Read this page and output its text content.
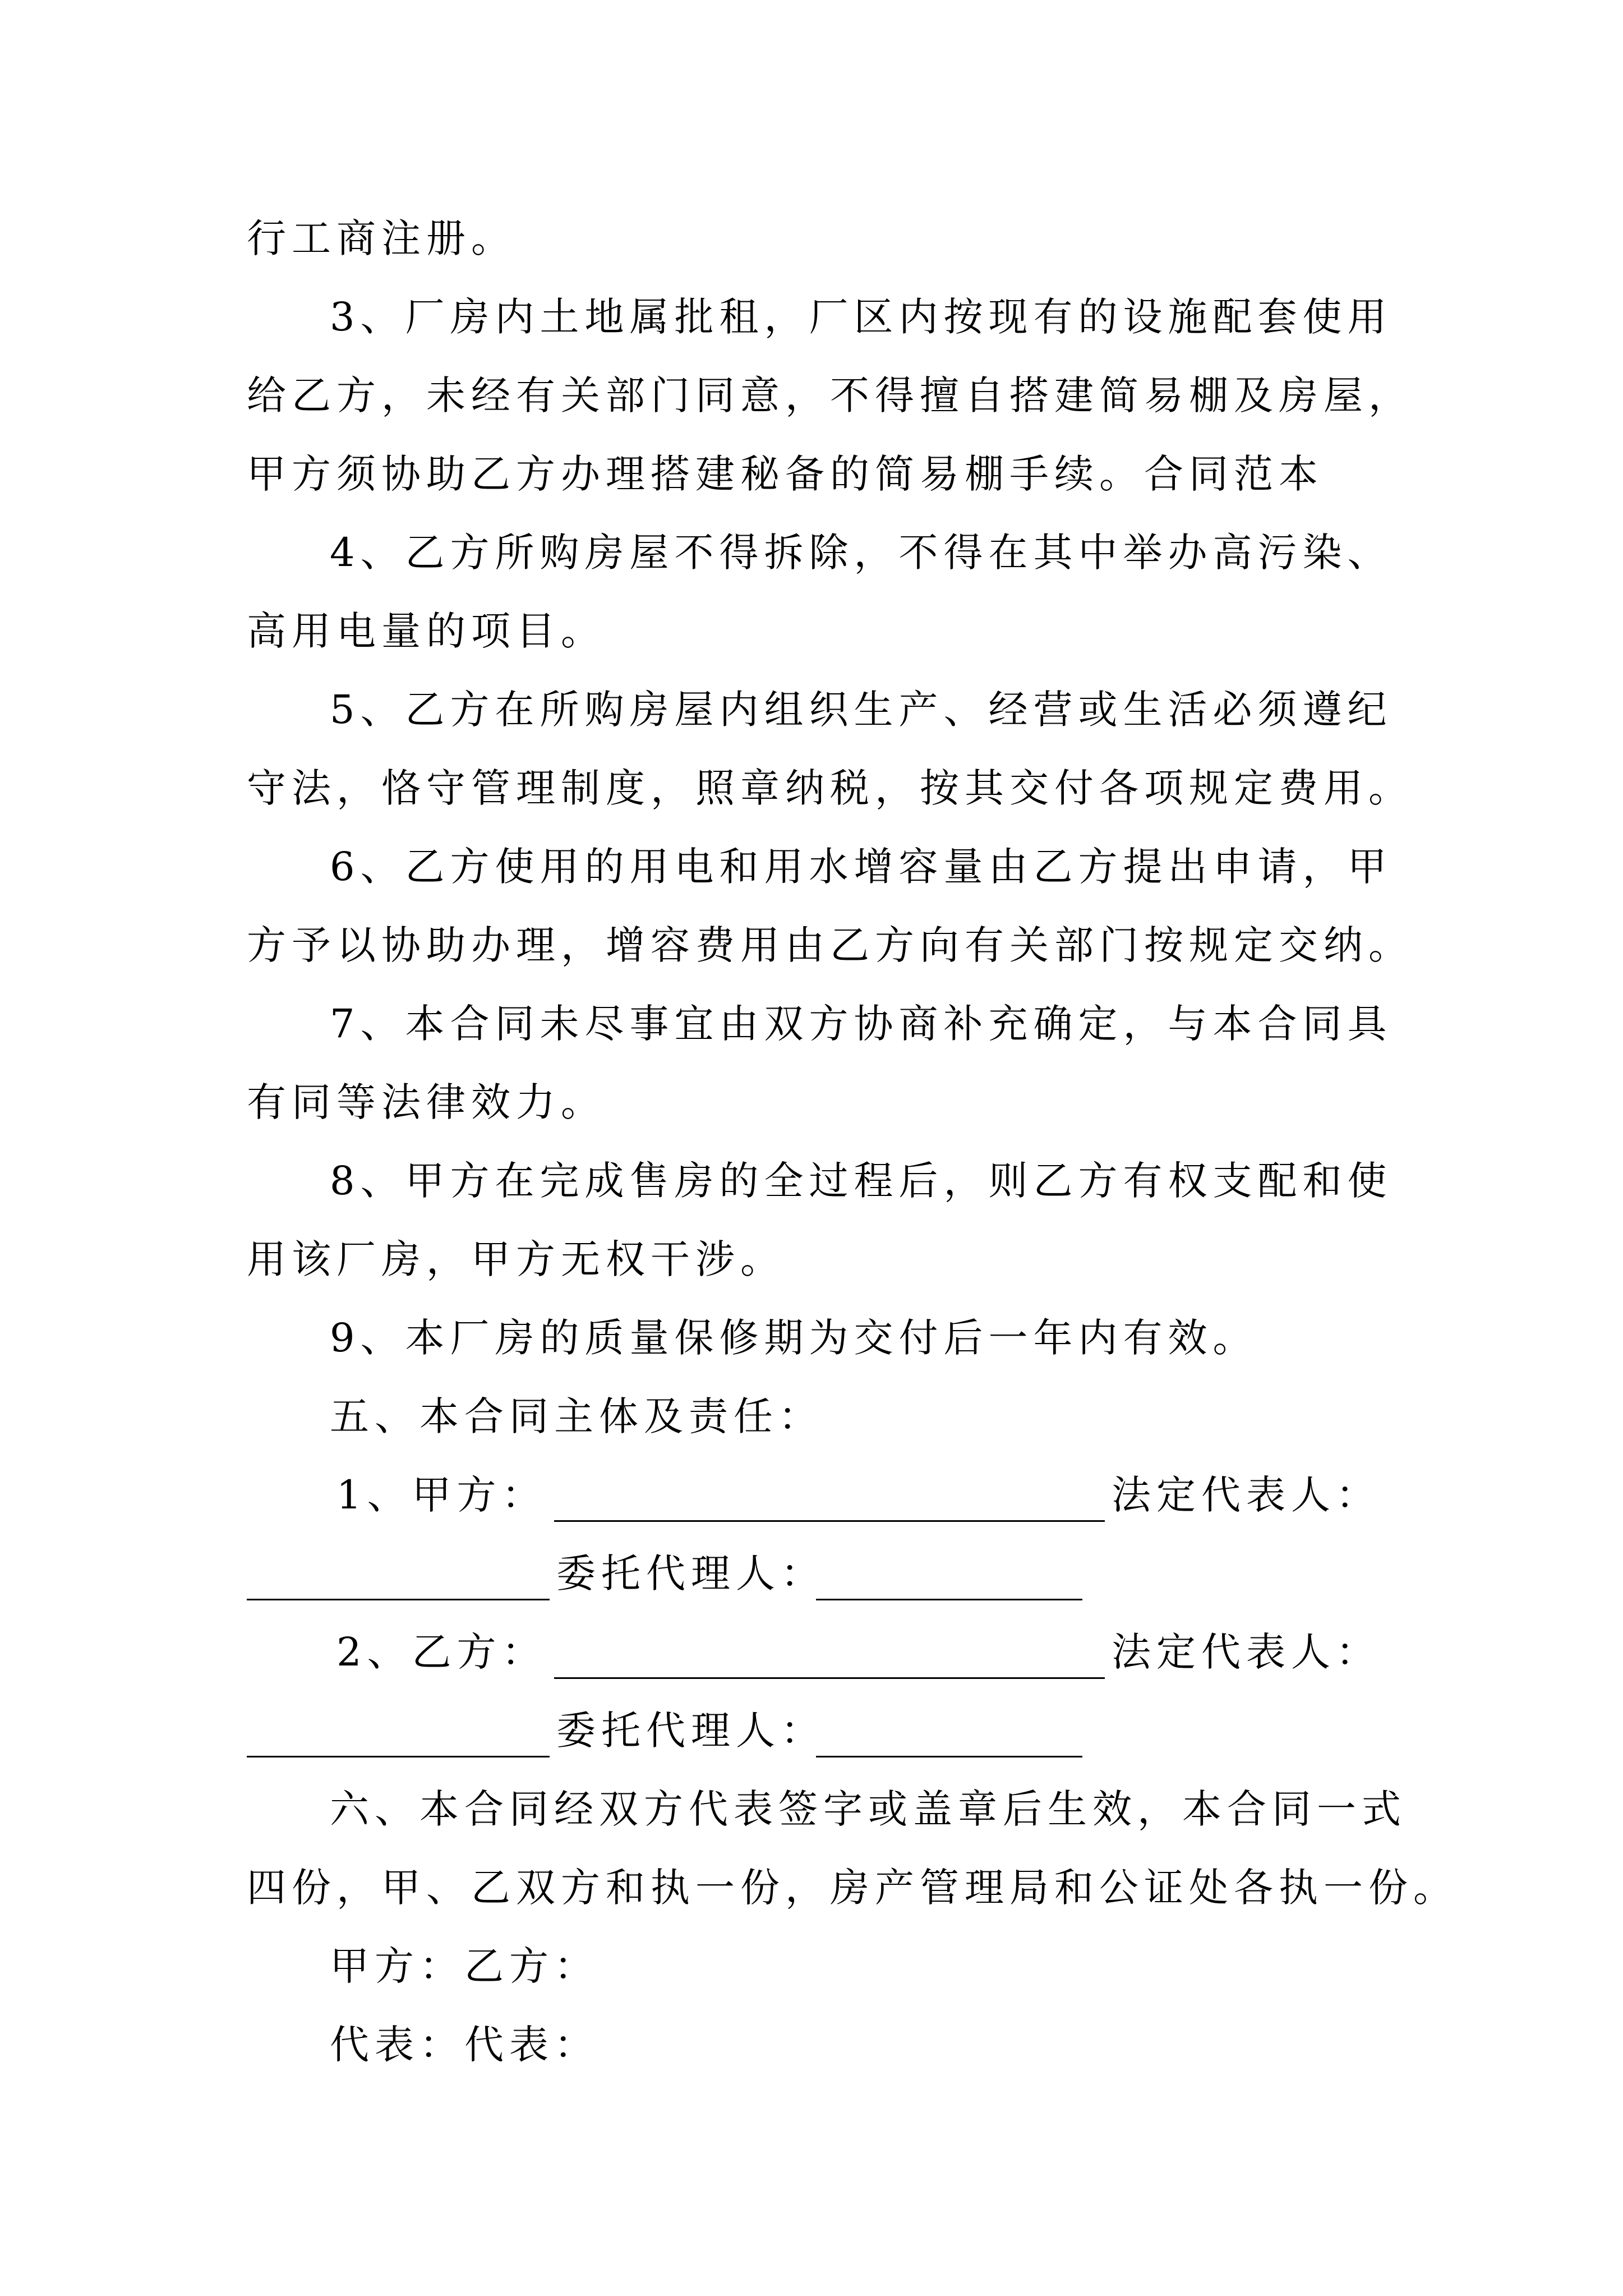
行工商注册。
3、厂房内土地属批租，厂区内按现有的设施配套使用
给乙方，未经有关部门同意，不得擅自搭建简易棚及房屋，
甲方须协助乙方办理搭建秘备的简易棚手续。合同范本
4、乙方所购房屋不得拆除，不得在其中举办高污染、
高用电量的项目。
5、乙方在所购房屋内组织生产、经营或生活必须遵纪
守法，恪守管理制度，照章纳税，按其交付各项规定费用。
6、乙方使用的用电和用水增容量由乙方提出申请，甲
方予以协助办理，增容费用由乙方向有关部门按规定交纳。
7、本合同未尽事宜由双方协商补充确定，与本合同具
有同等法律效力。
8、甲方在完成售房的全过程后，则乙方有权支配和使
用该厂房，甲方无权干涉。
9、本厂房的质量保修期为交付后一年内有效。
五、本合同主体及责任：
1、甲方：	法定代表人：
委托代理人：
2、乙方：	法定代表人：
委托代理人：
六、本合同经双方代表签字或盖章后生效，本合同一式
四份，甲、乙双方和执一份，房产管理局和公证处各执一份。
甲方：乙方：
代表：代表：
